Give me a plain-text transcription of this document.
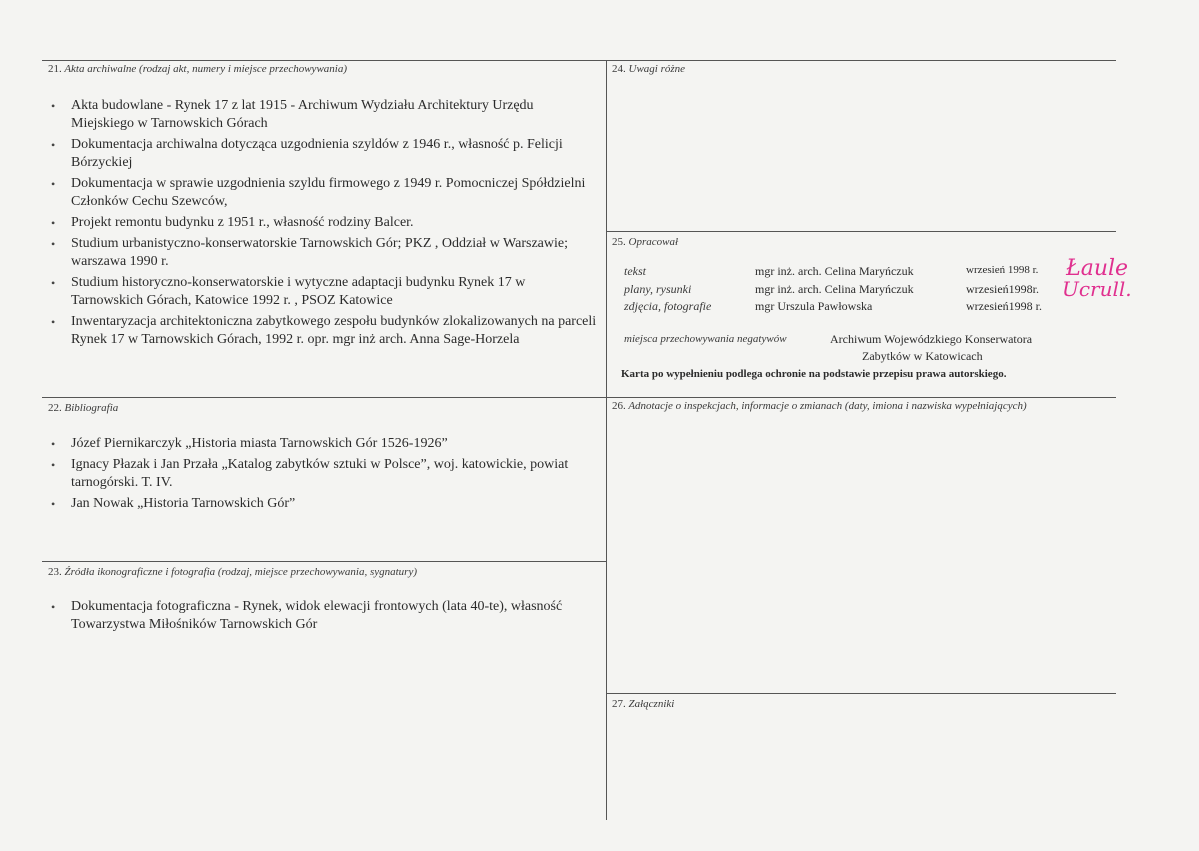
21. Akta archiwalne (rodzaj akt, numery i miejsce przechowywania)
• Akta budowlane - Rynek 17 z lat 1915 - Archiwum Wydziału Architektury Urzędu Miejskiego w Tarnowskich Górach
• Dokumentacja archiwalna dotycząca uzgodnienia szyldów z 1946 r., własność p. Felicji Bórzyckiej
• Dokumentacja w sprawie uzgodnienia szyldu firmowego z 1949 r. Pomocniczej Spółdzielni Członków Cechu Szewców,
• Projekt remontu budynku z 1951 r., własność rodziny Balcer.
• Studium urbanistyczno-konserwatorskie Tarnowskich Gór; PKZ , Oddział w Warszawie; warszawa 1990 r.
• Studium historyczno-konserwatorskie i wytyczne adaptacji budynku Rynek 17 w Tarnowskich Górach, Katowice 1992 r. , PSOZ Katowice
• Inwentaryzacja architektoniczna zabytkowego zespołu budynków zlokalizowanych na parceli Rynek 17 w Tarnowskich Górach, 1992 r. opr. mgr inż arch. Anna Sage-Horzela
22. Bibliografia
• Józef Piernikarczyk „Historia miasta Tarnowskich Gór 1526-1926”
• Ignacy Płazak i Jan Przała „Katalog zabytków sztuki w Polsce”, woj. katowickie, powiat tarnogórski. T. IV.
• Jan Nowak „Historia Tarnowskich Gór”
23. Źródła ikonograficzne i fotografia (rodzaj, miejsce przechowywania, sygnatury)
• Dokumentacja fotograficzna - Rynek, widok elewacji frontowych (lata 40-te), własność Towarzystwa Miłośników Tarnowskich Gór
24. Uwagi różne
25. Opracował
tekst	mgr inż. arch. Celina Maryńczuk	wrzesień 1998 r.
plany, rysunki	mgr inż. arch. Celina Maryńczuk	wrzesień1998r.
zdjęcia, fotografie	mgr Urszula Pawłowska	wrzesień1998 r.
Łaule
Ucrull.
miejsca przechowywania negatywów	Archiwum Wojewódzkiego Konserwatora
Zabytków w Katowicach
Karta po wypełnieniu podlega ochronie na podstawie przepisu prawa autorskiego.
26. Adnotacje o inspekcjach, informacje o zmianach (daty, imiona i nazwiska wypełniających)
27. Załączniki
